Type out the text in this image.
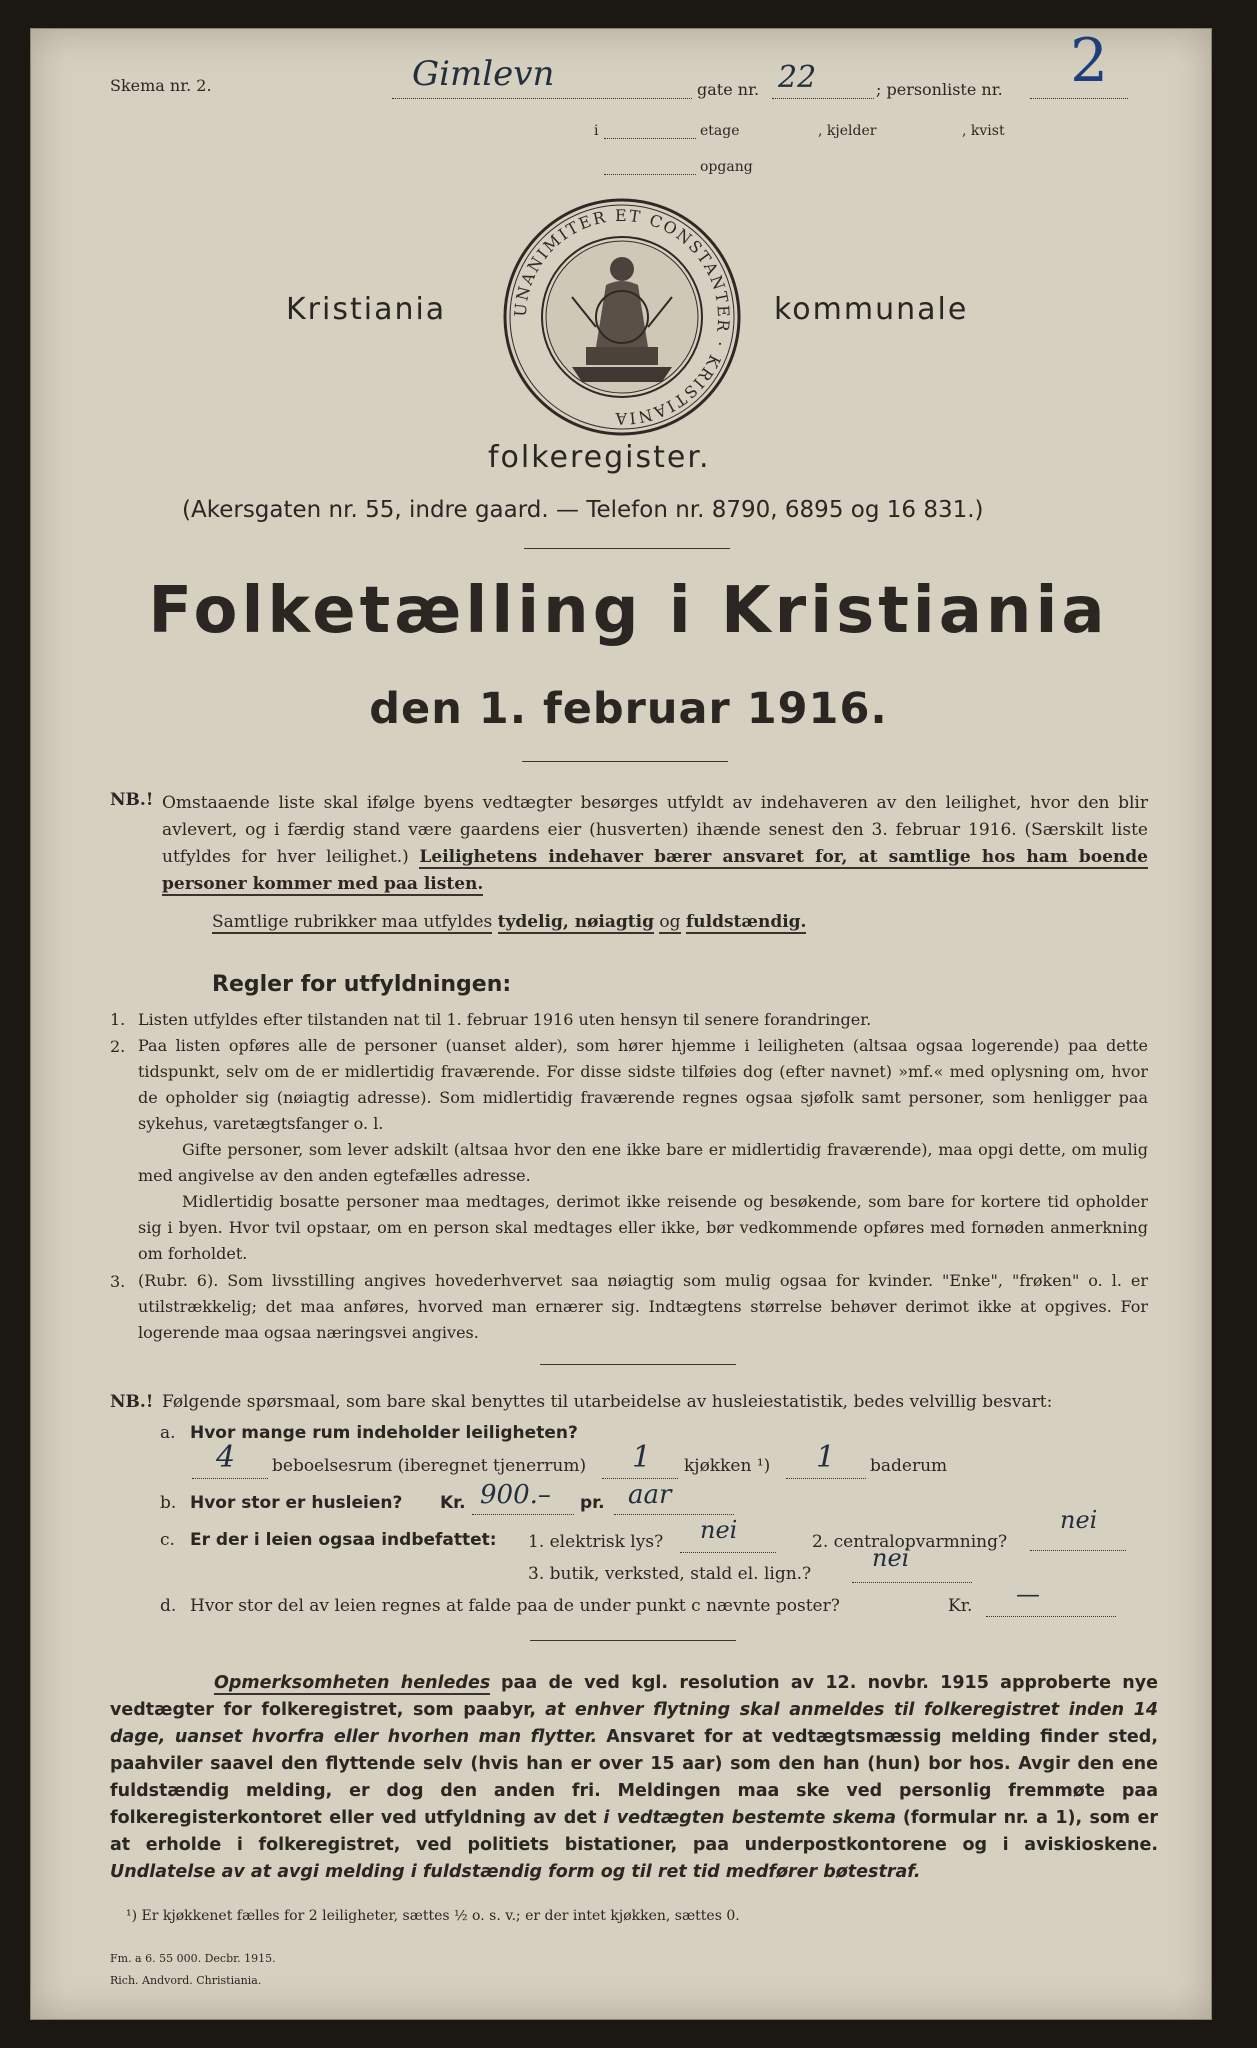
Skema nr. 2.	Gimlevn	gate nr. 22	; personliste nr. 2
i	etage	, kjelder	, kvist
opgang
UNANIMITER ET CONSTANTER · KRISTIANIA
Kristiania	kommunale
folkeregister.
(Akersgaten nr. 55, indre gaard. — Telefon nr. 8790, 6895 og 16 831.)
Folketælling i Kristiania
den 1. februar 1916.
NB.! Omstaaende liste skal ifølge byens vedtægter besørges utfyldt av indehaveren av den leilighet, hvor den blir avlevert, og i færdig stand være gaardens eier (husverten) ihænde senest den 3. februar 1916. (Særskilt liste utfyldes for hver leilighet.) Leilighetens indehaver bærer ansvaret for, at samtlige hos ham boende personer kommer med paa listen.
Samtlige rubrikker maa utfyldes tydelig, nøiagtig og fuldstændig.
Regler for utfyldningen:
1. Listen utfyldes efter tilstanden nat til 1. februar 1916 uten hensyn til senere forandringer.
2. Paa listen opføres alle de personer (uanset alder), som hører hjemme i leiligheten (altsaa ogsaa logerende) paa dette tidspunkt, selv om de er midlertidig fraværende. For disse sidste tilføies dog (efter navnet) »mf.« med oplysning om, hvor de opholder sig (nøiagtig adresse). Som midlertidig fraværende regnes ogsaa sjøfolk samt personer, som henligger paa sykehus, varetægtsfanger o. l.
Gifte personer, som lever adskilt (altsaa hvor den ene ikke bare er midlertidig fraværende), maa opgi dette, om mulig med angivelse av den anden egtefælles adresse.
Midlertidig bosatte personer maa medtages, derimot ikke reisende og besøkende, som bare for kortere tid opholder sig i byen. Hvor tvil opstaar, om en person skal medtages eller ikke, bør vedkommende opføres med fornøden anmerkning om forholdet.
3. (Rubr. 6). Som livsstilling angives hovederhvervet saa nøiagtig som mulig ogsaa for kvinder. "Enke", "frøken" o. l. er utilstrækkelig; det maa anføres, hvorved man ernærer sig. Indtægtens størrelse behøver derimot ikke at opgives. For logerende maa ogsaa næringsvei angives.
NB.! Følgende spørsmaal, som bare skal benyttes til utarbeidelse av husleiestatistik, bedes velvillig besvart:
a. Hvor mange rum indeholder leiligheten?
4 beboelsesrum (iberegnet tjenerrum) 1 kjøkken ¹) 1 baderum
b. Hvor stor er husleien? Kr. 900.– pr. aar
c. Er der i leien ogsaa indbefattet: 1. elektrisk lys? nei	2. centralopvarmning?
nei
3. butik, verksted, stald el. lign.?
nei
d. Hvor stor del av leien regnes at falde paa de under punkt c nævnte poster?	Kr. —
Opmerksomheten henledes paa de ved kgl. resolution av 12. novbr. 1915 approberte nye vedtægter for folkeregistret, som paabyr, at enhver flytning skal anmeldes til folkeregistret inden 14 dage, uanset hvorfra eller hvorhen man flytter. Ansvaret for at vedtægtsmæssig melding finder sted, paahviler saavel den flyttende selv (hvis han er over 15 aar) som den han (hun) bor hos. Avgir den ene fuldstændig melding, er dog den anden fri. Meldingen maa ske ved personlig fremmøte paa folkeregisterkontoret eller ved utfyldning av det i vedtægten bestemte skema (formular nr. a 1), som er at erholde i folkeregistret, ved politiets bistationer, paa underpostkontorene og i aviskioskene. Undlatelse av at avgi melding i fuldstændig form og til ret tid medfører bøtestraf.
¹) Er kjøkkenet fælles for 2 leiligheter, sættes ½ o. s. v.; er der intet kjøkken, sættes 0.
Fm. a 6. 55 000. Decbr. 1915.
Rich. Andvord. Christiania.
